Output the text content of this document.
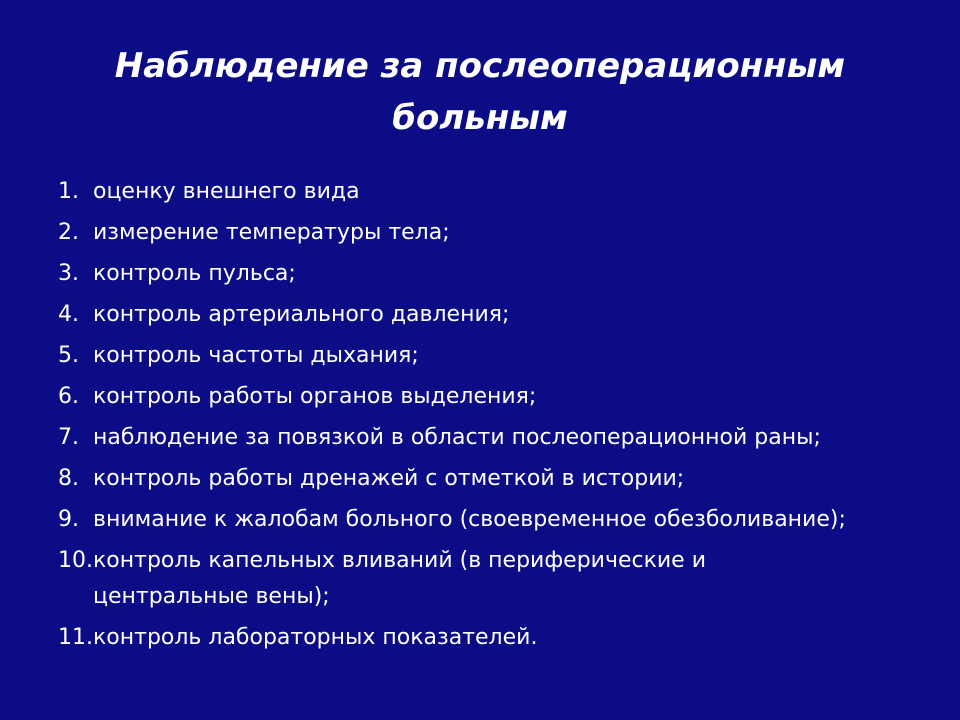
Наблюдение за послеоперационным больным
1. оценку внешнего вида
2. измерение температуры тела;
3. контроль пульса;
4. контроль артериального давления;
5. контроль частоты дыхания;
6. контроль работы органов выделения;
7. наблюдение за повязкой в области послеоперационной раны;
8. контроль работы дренажей с отметкой в истории;
9. внимание к жалобам больного (своевременное обезболивание);
10. контроль капельных вливаний (в периферические и
центральные вены);
11. контроль лабораторных показателей.
